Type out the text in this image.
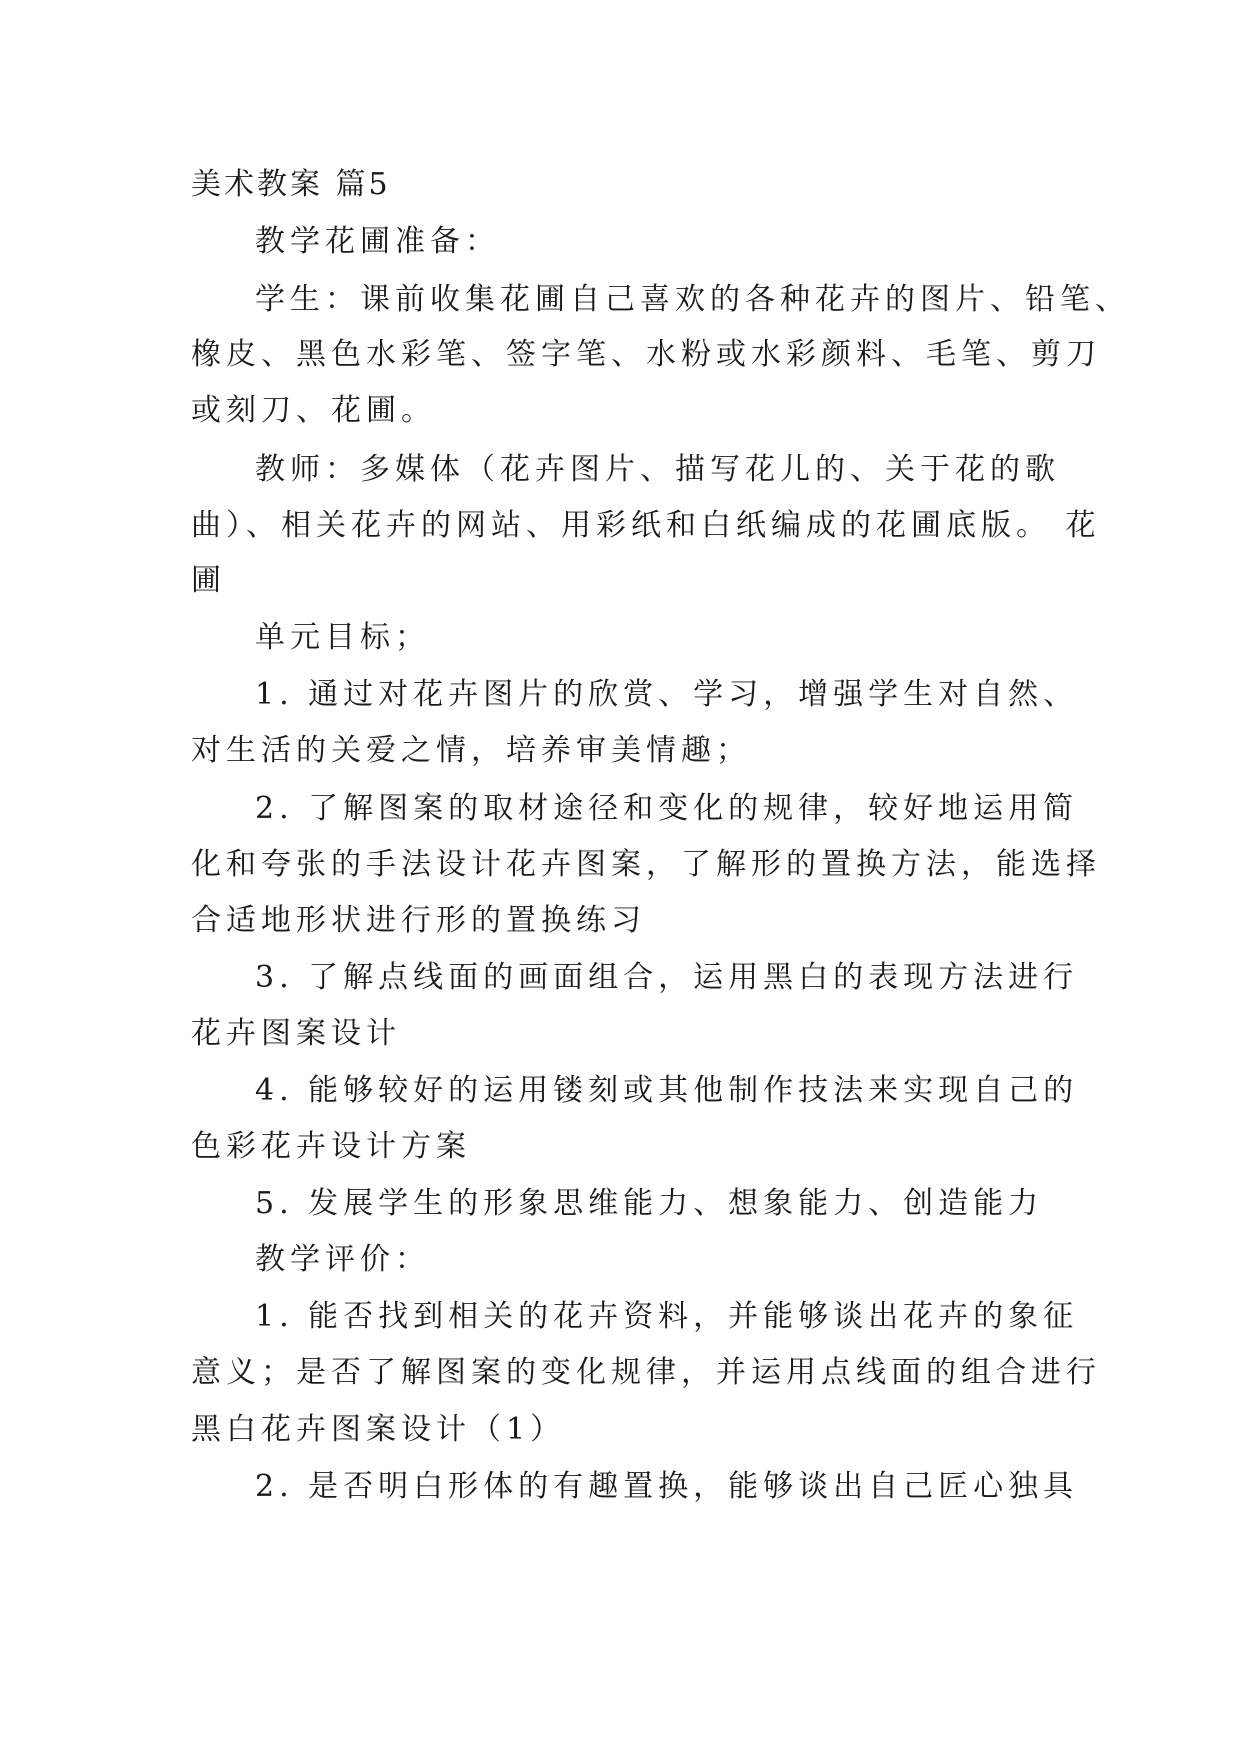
美术教案 篇5
教学花圃准备：
学生：课前收集花圃自己喜欢的各种花卉的图片、铅笔、
橡皮、黑色水彩笔、签字笔、水粉或水彩颜料、毛笔、剪刀
或刻刀、花圃。
教师：多媒体（花卉图片、描写花儿的、关于花的歌
曲）、相关花卉的网站、用彩纸和白纸编成的花圃底版。 花
圃
单元目标；
1. 通过对花卉图片的欣赏、学习，增强学生对自然、
对生活的关爱之情，培养审美情趣；
2. 了解图案的取材途径和变化的规律，较好地运用简
化和夸张的手法设计花卉图案，了解形的置换方法，能选择
合适地形状进行形的置换练习
3. 了解点线面的画面组合，运用黑白的表现方法进行
花卉图案设计
4. 能够较好的运用镂刻或其他制作技法来实现自己的
色彩花卉设计方案
5. 发展学生的形象思维能力、想象能力、创造能力
教学评价：
1. 能否找到相关的花卉资料，并能够谈出花卉的象征
意义；是否了解图案的变化规律，并运用点线面的组合进行
黑白花卉图案设计（1）
2. 是否明白形体的有趣置换，能够谈出自己匠心独具
